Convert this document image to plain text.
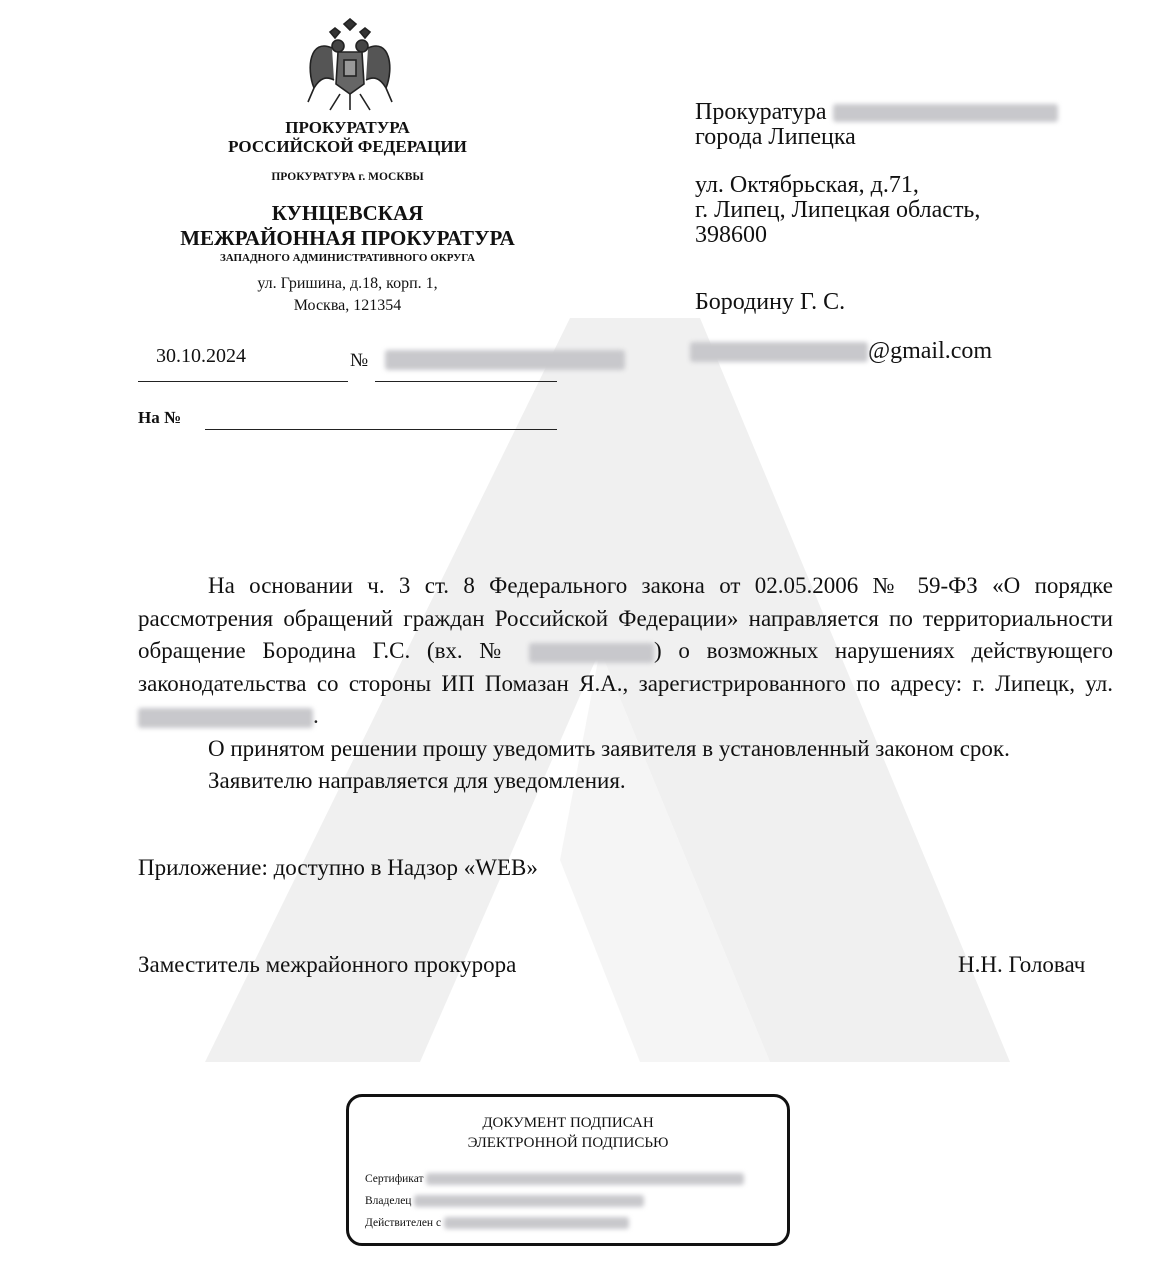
ПРОКУРАТУРА
РОССИЙСКОЙ ФЕДЕРАЦИИ
ПРОКУРАТУРА г. МОСКВЫ
КУНЦЕВСКАЯ
МЕЖРАЙОННАЯ ПРОКУРАТУРА
ЗАПАДНОГО АДМИНИСТРАТИВНОГО ОКРУГА
ул. Гришина, д.18, корп. 1,
Москва, 121354
30.10.2024	№
На №
Прокуратура
города Липецка
ул. Октябрьская, д.71,
г. Липец, Липецкая область,
398600
Бородину Г. С.
@gmail.com

На основании ч. 3 ст. 8 Федерального закона от 02.05.2006 № 59-ФЗ «О порядке рассмотрения обращений граждан Российской Федерации» направляется по территориальности обращение Бородина Г.С. (вх. №	) о возможных нарушениях действующего законодательства со стороны ИП Помазан Я.А., зарегистрированного по адресу: г. Липецк, ул. .

О принятом решении прошу уведомить заявителя в установленный законом срок.

Заявителю направляется для уведомления.

Приложение: доступно в Надзор «WEB»
Заместитель межрайонного прокурора	Н.Н. Головач
ДОКУМЕНТ ПОДПИСАН
ЭЛЕКТРОННОЙ ПОДПИСЬЮ
Сертификат
Владелец
Действителен с
